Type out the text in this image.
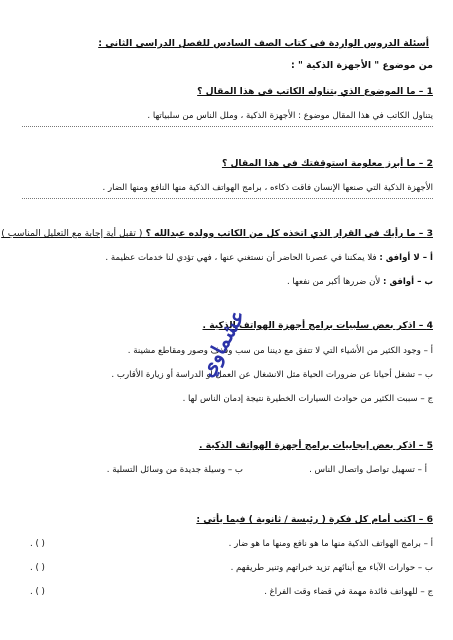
أسئلة الدروس الواردة في كتاب الصف السادس للفصل الدراسي الثاني :
من موضوع " الأجهزة الذكية " :
1 – ما الموضوع الذي يتناوله الكاتب في هذا المقال ؟
يتناول الكاتب في هذا المقال موضوع : الأجهزة الذكية ، وملل الناس من سلبياتها .
2 – ما أبرز معلومة استوقفتك في هذا المقال ؟
الأجهزة الذكية التي صنعها الإنسان فاقت ذكاءه ، برامج الهواتف الذكية منها النافع ومنها الضار .
3 – ما رأيك في القرار الذي اتخذه كل من الكاتب وولده عبدالله ؟ ( تقبل أية إجابة مع التعليل المناسب )
أ – لا أوافق : فلا يمكننا في عصرنا الحاضر أن نستغني عنها ، فهي تؤدي لنا خدمات عظيمة .
ب – أوافق : لأن ضررها أكبر من نفعها .
4 – اذكر بعض سلبيات برامج أجهزة الهواتف الذكية .
أ – وجود الكثير من الأشياء التي لا تتفق مع ديننا من سب وقذف وصور ومقاطع مشينة .
ب – تشغل أحيانا عن ضرورات الحياة مثل الانشغال عن العمل أو الدراسة أو زيارة الأقارب .
ج – سببت الكثير من حوادث السيارات الخطيرة نتيجة إدمان الناس لها .
5 – اذكر بعض إيجابيات برامج أجهزة الهواتف الذكية .
أ – تسهيل تواصل واتصال الناس .
ب – وسيلة جديدة من وسائل التسلية .
6 – اكتب أمام كل فكرة ( رئيسة / ثانوية ) فيما يأتي :
أ – برامج الهواتف الذكية منها ما هو نافع ومنها ما هو ضار .
( ) .
ب – حوارات الآباء مع أبنائهم تزيد خبراتهم وتنير طريقهم .
( ) .
ج – للهواتف فائدة مهمة في قضاء وقت الفراغ .
( ) .
عشماوي
